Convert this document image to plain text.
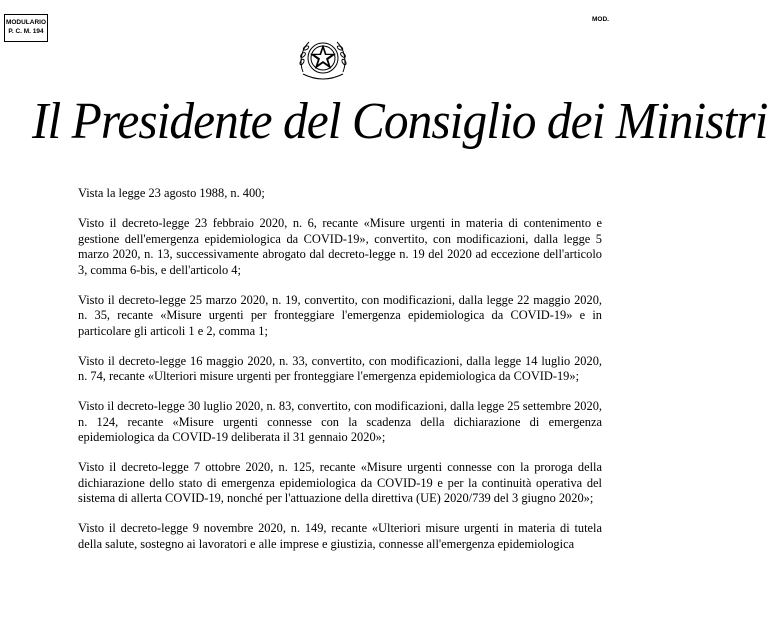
MODULARIO
P. C. M. 194
MOD.
Il Presidente del Consiglio dei Ministri

Vista la legge 23 agosto 1988, n. 400;

Visto il decreto-legge 23 febbraio 2020, n. 6, recante «Misure urgenti in materia di contenimento e gestione dell'emergenza epidemiologica da COVID-19», convertito, con modificazioni, dalla legge 5 marzo 2020, n. 13, successivamente abrogato dal decreto-legge n. 19 del 2020 ad eccezione dell'articolo 3, comma 6-bis, e dell'articolo 4;

Visto il decreto-legge 25 marzo 2020, n. 19, convertito, con modificazioni, dalla legge 22 maggio 2020, n. 35, recante «Misure urgenti per fronteggiare l'emergenza epidemiologica da COVID-19» e in particolare gli articoli 1 e 2, comma 1;

Visto il decreto-legge 16 maggio 2020, n. 33, convertito, con modificazioni, dalla legge 14 luglio 2020, n. 74, recante «Ulteriori misure urgenti per fronteggiare l'emergenza epidemiologica da COVID-19»;

Visto il decreto-legge 30 luglio 2020, n. 83, convertito, con modificazioni, dalla legge 25 settembre 2020, n. 124, recante «Misure urgenti connesse con la scadenza della dichiarazione di emergenza epidemiologica da COVID-19 deliberata il 31 gennaio 2020»;

Visto il decreto-legge 7 ottobre 2020, n. 125, recante «Misure urgenti connesse con la proroga della dichiarazione dello stato di emergenza epidemiologica da COVID-19 e per la continuità operativa del sistema di allerta COVID-19, nonché per l'attuazione della direttiva (UE) 2020/739 del 3 giugno 2020»;

Visto il decreto-legge 9 novembre 2020, n. 149, recante «Ulteriori misure urgenti in materia di tutela della salute, sostegno ai lavoratori e alle imprese e giustizia, connesse all'emergenza epidemiologica
